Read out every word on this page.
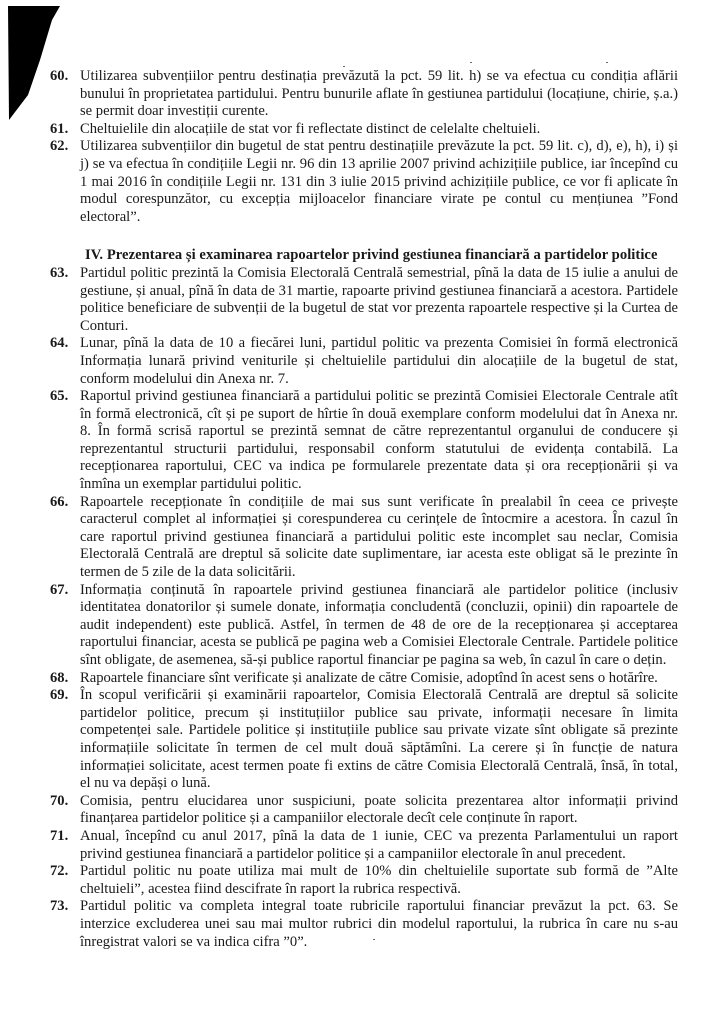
60. Utilizarea subvențiilor pentru destinația prevăzută la pct. 59 lit. h) se va efectua cu condiția aflării bunului în proprietatea partidului. Pentru bunurile aflate în gestiunea partidului (locațiune, chirie, ș.a.) se permit doar investiții curente.
61. Cheltuielile din alocațiile de stat vor fi reflectate distinct de celelalte cheltuieli.
62. Utilizarea subvențiilor din bugetul de stat pentru destinațiile prevăzute la pct. 59 lit. c), d), e), h), i) și j) se va efectua în condițiile Legii nr. 96 din 13 aprilie 2007 privind achizițiile publice, iar începînd cu 1 mai 2016 în condițiile Legii nr. 131 din 3 iulie 2015 privind achizițiile publice, ce vor fi aplicate în modul corespunzător, cu excepția mijloacelor financiare virate pe contul cu mențiunea ”Fond electoral”.
IV. Prezentarea și examinarea rapoartelor privind gestiunea financiară a partidelor politice
63. Partidul politic prezintă la Comisia Electorală Centrală semestrial, pînă la data de 15 iulie a anului de gestiune, și anual, pînă în data de 31 martie, rapoarte privind gestiunea financiară a acestora. Partidele politice beneficiare de subvenții de la bugetul de stat vor prezenta rapoartele respective și la Curtea de Conturi.
64. Lunar, pînă la data de 10 a fiecărei luni, partidul politic va prezenta Comisiei în formă electronică Informația lunară privind veniturile și cheltuielile partidului din alocațiile de la bugetul de stat, conform modelului din Anexa nr. 7.
65. Raportul privind gestiunea financiară a partidului politic se prezintă Comisiei Electorale Centrale atît în formă electronică, cît și pe suport de hîrtie în două exemplare conform modelului dat în Anexa nr. 8. În formă scrisă raportul se prezintă semnat de către reprezentantul organului de conducere și reprezentantul structurii partidului, responsabil conform statutului de evidența contabilă. La recepționarea raportului, CEC va indica pe formularele prezentate data și ora recepționării și va înmîna un exemplar partidului politic.
66. Rapoartele recepționate în condițiile de mai sus sunt verificate în prealabil în ceea ce privește caracterul complet al informației și corespunderea cu cerințele de întocmire a acestora. În cazul în care raportul privind gestiunea financiară a partidului politic este incomplet sau neclar, Comisia Electorală Centrală are dreptul să solicite date suplimentare, iar acesta este obligat să le prezinte în termen de 5 zile de la data solicitării.
67. Informația conținută în rapoartele privind gestiunea financiară ale partidelor politice (inclusiv identitatea donatorilor și sumele donate, informația concludentă (concluzii, opinii) din rapoartele de audit independent) este publică. Astfel, în termen de 48 de ore de la recepționarea și acceptarea raportului financiar, acesta se publică pe pagina web a Comisiei Electorale Centrale. Partidele politice sînt obligate, de asemenea, să-și publice raportul financiar pe pagina sa web, în cazul în care o dețin.
68. Rapoartele financiare sînt verificate și analizate de către Comisie, adoptînd în acest sens o hotărîre.
69. În scopul verificării și examinării rapoartelor, Comisia Electorală Centrală are dreptul să solicite partidelor politice, precum și instituțiilor publice sau private, informații necesare în limita competenței sale. Partidele politice și instituțiile publice sau private vizate sînt obligate să prezinte informațiile solicitate în termen de cel mult două săptămîni. La cerere și în funcție de natura informației solicitate, acest termen poate fi extins de către Comisia Electorală Centrală, însă, în total, el nu va depăși o lună.
70. Comisia, pentru elucidarea unor suspiciuni, poate solicita prezentarea altor informații privind finanțarea partidelor politice și a campaniilor electorale decît cele conținute în raport.
71. Anual, începînd cu anul 2017, pînă la data de 1 iunie, CEC va prezenta Parlamentului un raport privind gestiunea financiară a partidelor politice și a campaniilor electorale în anul precedent.
72. Partidul politic nu poate utiliza mai mult de 10% din cheltuielile suportate sub formă de ”Alte cheltuieli”, acestea fiind descifrate în raport la rubrica respectivă.
73. Partidul politic va completa integral toate rubricile raportului financiar prevăzut la pct. 63. Se interzice excluderea unei sau mai multor rubrici din modelul raportului, la rubrica în care nu s-au înregistrat valori se va indica cifra ”0”.
